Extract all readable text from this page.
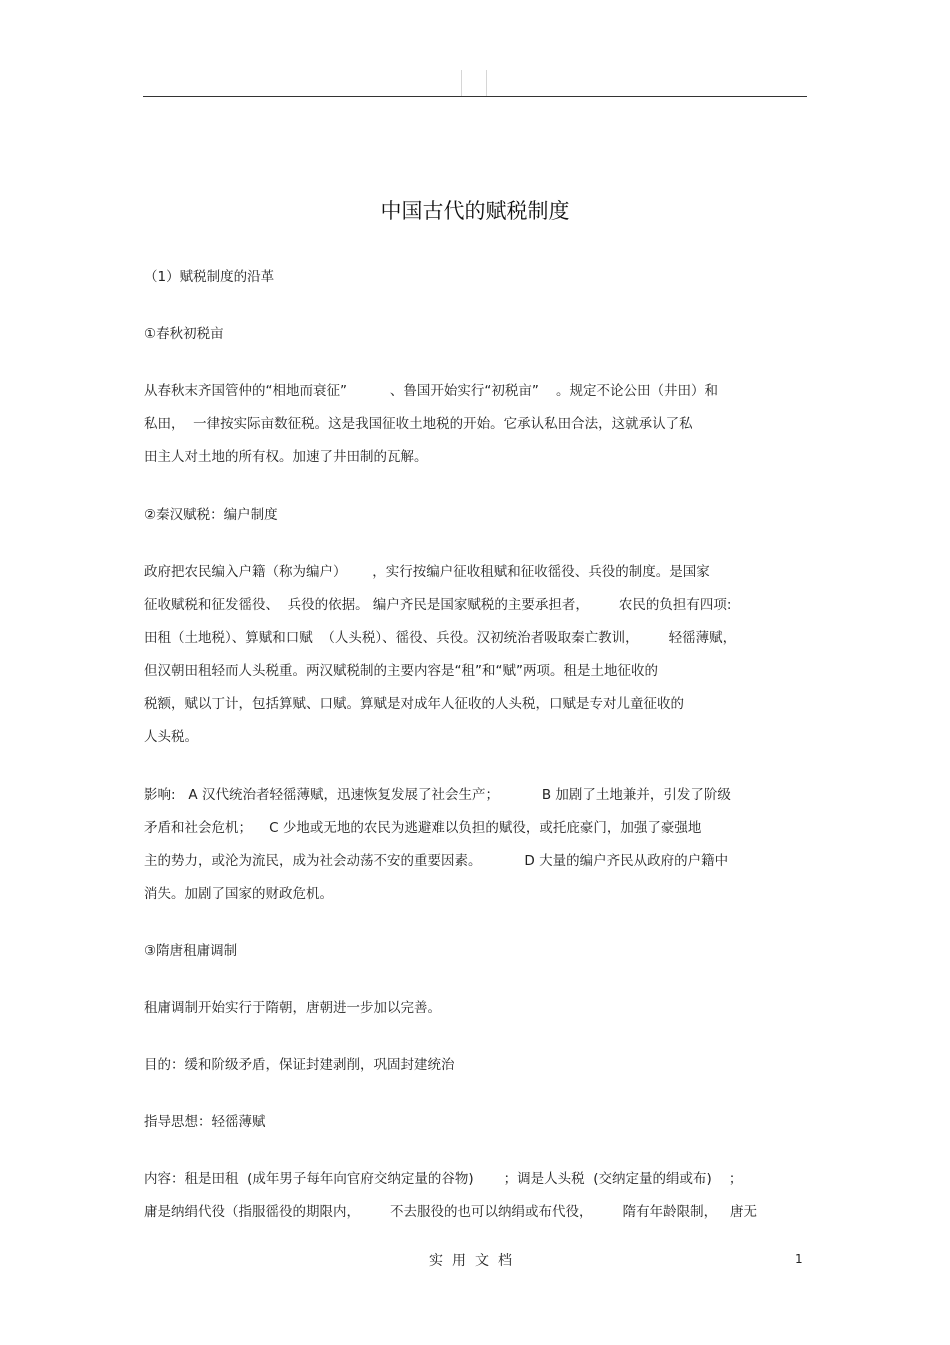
中国古代的赋税制度
（1）赋税制度的沿革
①春秋初税亩
从春秋末齐国管仲的“相地而衰征”          、鲁国开始实行“初税亩”    。规定不论公田（井田）和
私田，  一律按实际亩数征税。这是我国征收土地税的开始。它承认私田合法，这就承认了私
田主人对土地的所有权。加速了井田制的瓦解。
②秦汉赋税：编户制度
政府把农民编入户籍（称为编户）      ，实行按编户征收租赋和征收徭役、兵役的制度。是国家
征收赋税和征发徭役、  兵役的依据。 编户齐民是国家赋税的主要承担者，       农民的负担有四项:
田租（土地税）、算赋和口赋  （人头税）、徭役、兵役。汉初统治者吸取秦亡教训，       轻徭薄赋，
但汉朝田租轻而人头税重。两汉赋税制的主要内容是“租”和“赋”两项。租是土地征收的
税额，赋以丁计，包括算赋、口赋。算赋是对成年人征收的人头税，口赋是专对儿童征收的
人头税。
影响:   A 汉代统治者轻徭薄赋，迅速恢复发展了社会生产；          B 加剧了土地兼并，引发了阶级
矛盾和社会危机；    C 少地或无地的农民为逃避难以负担的赋役，或托庇豪门，加强了豪强地
主的势力，或沦为流民，成为社会动荡不安的重要因素。          D 大量的编户齐民从政府的户籍中
消失。加剧了国家的财政危机。
③隋唐租庸调制
租庸调制开始实行于隋朝，唐朝进一步加以完善。
目的：缓和阶级矛盾，保证封建剥削，巩固封建统治
指导思想：轻徭薄赋
内容：租是田租  (成年男子每年向官府交纳定量的谷物)       ；调是人头税  (交纳定量的绢或布)    ；
庸是纳绢代役（指服徭役的期限内，       不去服役的也可以纳绢或布代役，       隋有年龄限制，   唐无
实用文档	1
